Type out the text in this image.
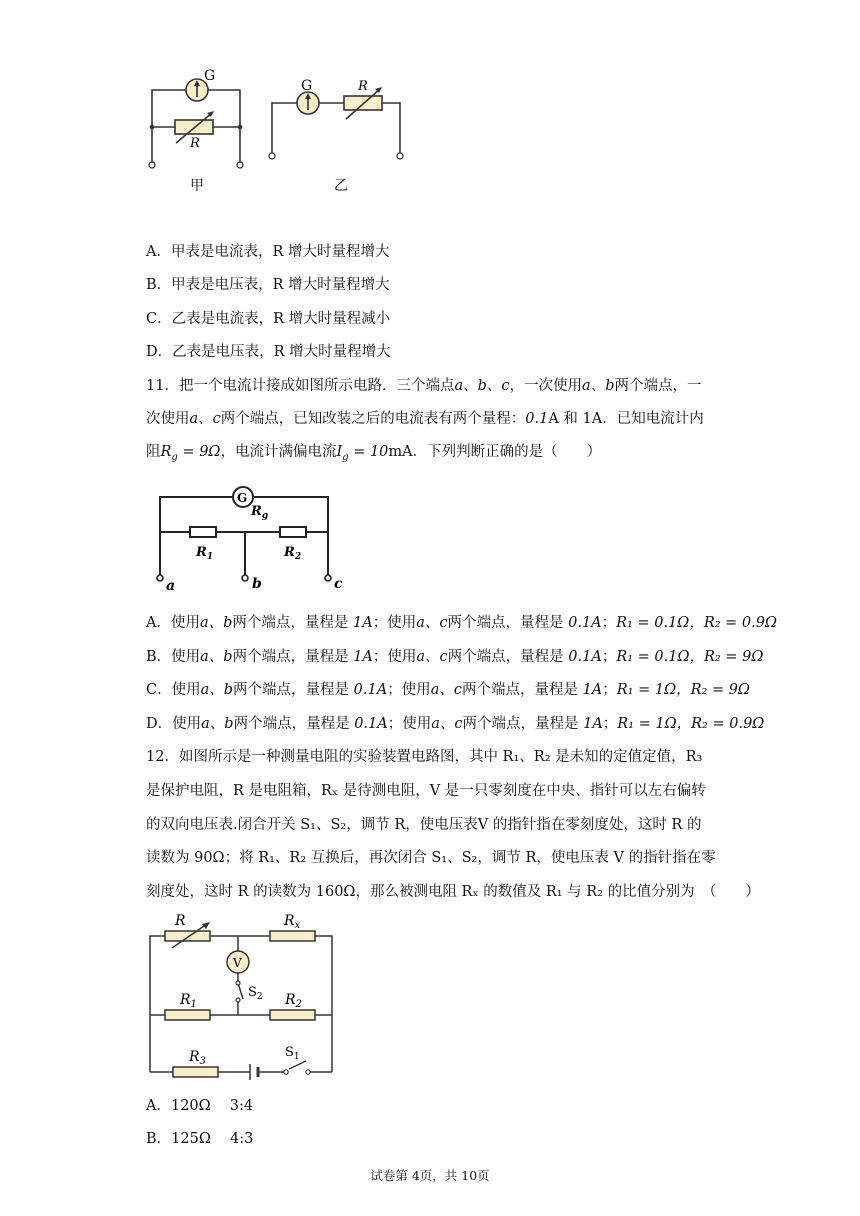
G
R
甲
G	R
乙
A．甲表是电流表，R 增大时量程增大
B．甲表是电压表，R 增大时量程增大
C．乙表是电流表，R 增大时量程减小
D．乙表是电压表，R 增大时量程增大
11．把一个电流计接成如图所示电路．三个端点a、b、c，一次使用a、b两个端点，一
次使用a、c两个端点，已知改装之后的电流表有两个量程：0.1A 和 1A．已知电流计内
阻$R_g = 9\Omega$，电流计满偏电流$I_g = 10mA$．下列判断正确的是（　　）
G
$R_g$
$R_1$	$R_2$
a	b	c
A．使用a、b两个端点，量程是 1A；使用a、c两个端点，量程是 0.1A；R₁ = 0.1Ω，R₂ = 0.9Ω
B．使用a、b两个端点，量程是 1A；使用a、c两个端点，量程是 0.1A；R₁ = 0.1Ω，R₂ = 9Ω
C．使用a、b两个端点，量程是 0.1A；使用a、c两个端点，量程是 1A；R₁ = 1Ω，R₂ = 9Ω
D．使用a、b两个端点，量程是 0.1A；使用a、c两个端点，量程是 1A；R₁ = 1Ω，R₂ = 0.9Ω
12．如图所示是一种测量电阻的实验装置电路图，其中 R₁、R₂ 是未知的定值定值，R₃
是保护电阻，R 是电阻箱，Rₓ 是待测电阻，V 是一只零刻度在中央、指针可以左右偏转
的双向电压表.闭合开关 S₁、S₂，调节 R，使电压表V 的指针指在零刻度处，这时 R 的
读数为 90Ω；将 R₁、R₂ 互换后，再次闭合 S₁、S₂，调节 R，使电压表 V 的指针指在零
刻度处，这时 R 的读数为 160Ω，那么被测电阻 Rₓ 的数值及 R₁ 与 R₂ 的比值分别为　（　　）
R	$R_x$
V
$S_2$
$R_1$	$R_2$
$R_3$
$S_1$
A．120Ω　 3:4
B．125Ω　 4:3
试卷第 4页，共 10页
